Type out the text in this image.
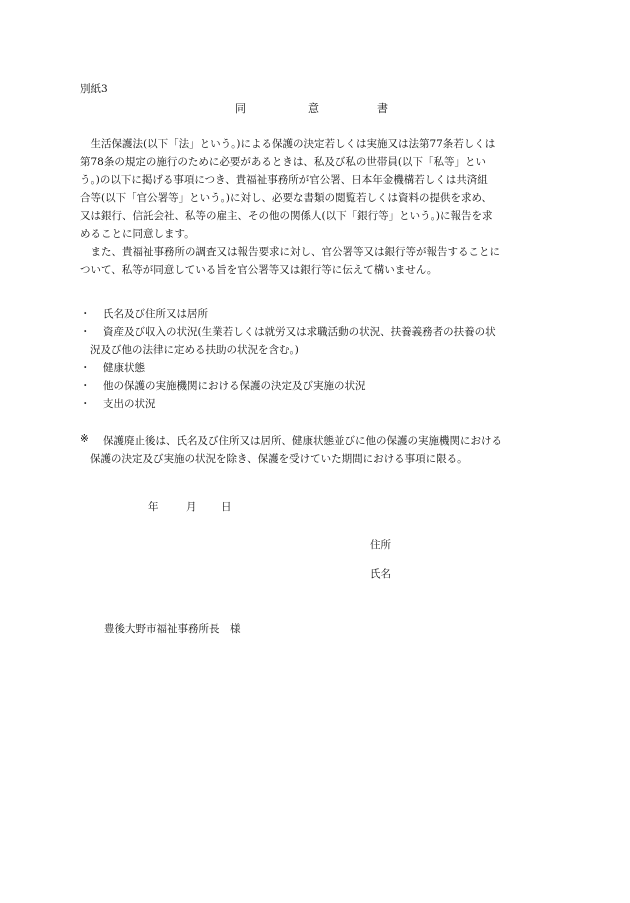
別紙3
同	意	書
　生活保護法(以下「法」という。)による保護の決定若しくは実施又は法第77条若しくは
第78条の規定の施行のために必要があるときは、私及び私の世帯員(以下「私等」とい
う。)の以下に掲げる事項につき、貴福祉事務所が官公署、日本年金機構若しくは共済組
合等(以下「官公署等」という。)に対し、必要な書類の閲覧若しくは資料の提供を求め、
又は銀行、信託会社、私等の雇主、その他の関係人(以下「銀行等」という。)に報告を求
めることに同意します。
　また、貴福祉事務所の調査又は報告要求に対し、官公署等又は銀行等が報告することに
ついて、私等が同意している旨を官公署等又は銀行等に伝えて構いません。
・ 氏名及び住所又は居所
・ 資産及び収入の状況(生業若しくは就労又は求職活動の状況、扶養義務者の扶養の状
況及び他の法律に定める扶助の状況を含む。)
・ 健康状態
・ 他の保護の実施機関における保護の決定及び実施の状況
・ 支出の状況
※ 保護廃止後は、氏名及び住所又は居所、健康状態並びに他の保護の実施機関における
保護の決定及び実施の状況を除き、保護を受けていた期間における事項に限る。
年	月 日
住所
氏名
豊後大野市福祉事務所長　様
